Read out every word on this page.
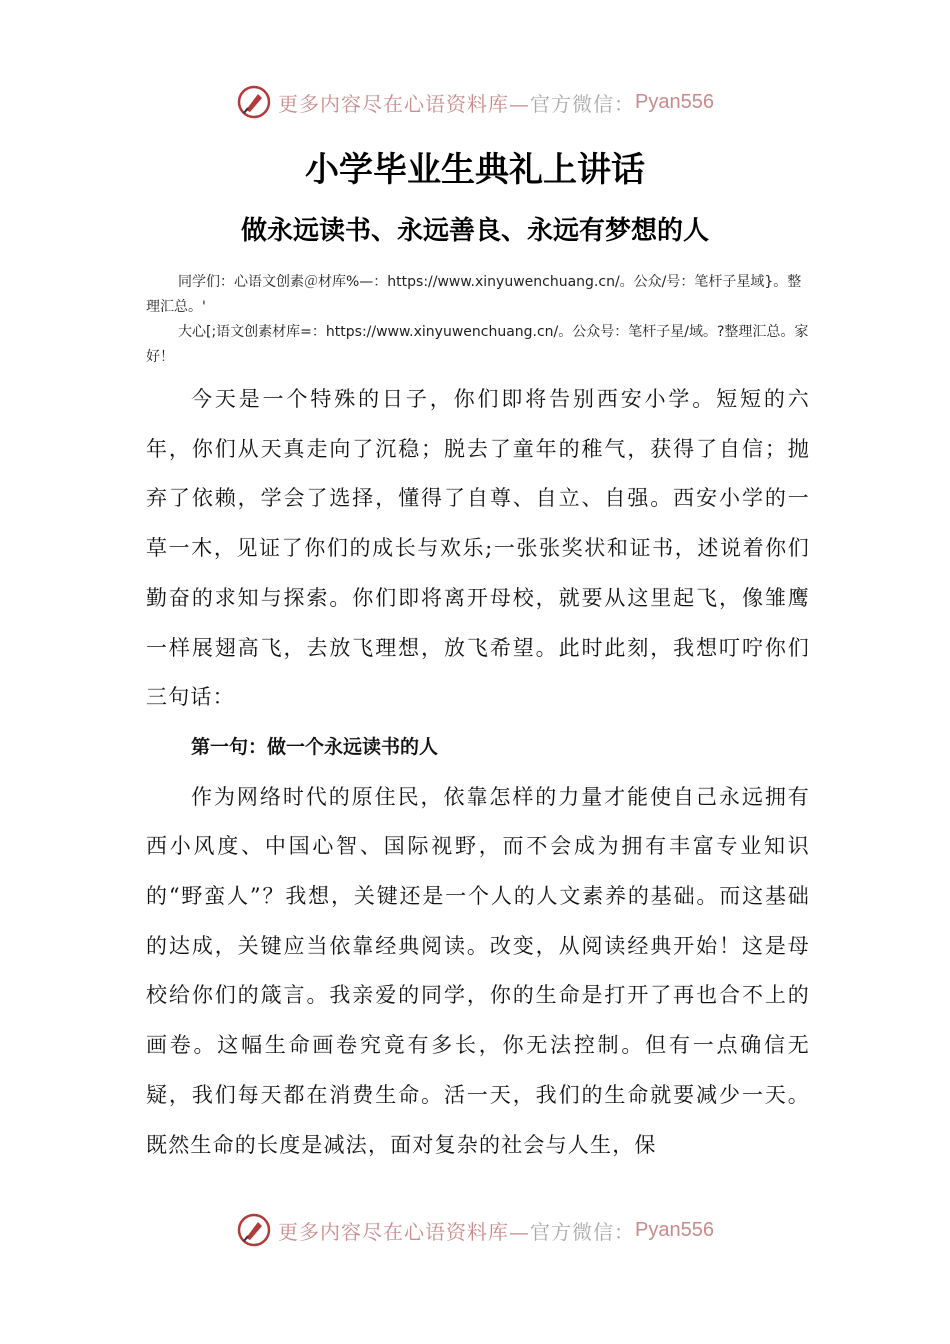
更多内容尽在心语资料库— 官方微信： Pyan556
小学毕业生典礼上讲话
做永远读书、永远善良、永远有梦想的人

同学们：心语文创素＠材库%—：https://www.xinyuwenchuang.cn/。公众/号：笔杆子星域}。整理汇总。'

大心[;语文创素材库=：https://www.xinyuwenchuang.cn/。公众号：笔杆子星/域。?整理汇总。家好！

今天是一个特殊的日子，你们即将告别西安小学。短短的六年，你们从天真走向了沉稳；脱去了童年的稚气，获得了自信；抛弃了依赖，学会了选择，懂得了自尊、自立、自强。西安小学的一草一木，见证了你们的成长与欢乐;一张张奖状和证书，述说着你们勤奋的求知与探索。你们即将离开母校，就要从这里起飞，像雏鹰一样展翅高飞，去放飞理想，放飞希望。此时此刻，我想叮咛你们三句话：

第一句：做一个永远读书的人

作为网络时代的原住民，依靠怎样的力量才能使自己永远拥有西小风度、中国心智、国际视野，而不会成为拥有丰富专业知识的“野蛮人”？我想，关键还是一个人的人文素养的基础。而这基础的达成，关键应当依靠经典阅读。改变，从阅读经典开始！这是母校给你们的箴言。我亲爱的同学，你的生命是打开了再也合不上的画卷。这幅生命画卷究竟有多长，你无法控制。但有一点确信无疑，我们每天都在消费生命。活一天，我们的生命就要减少一天。既然生命的长度是减法，面对复杂的社会与人生，保

更多内容尽在心语资料库— 官方微信： Pyan556
